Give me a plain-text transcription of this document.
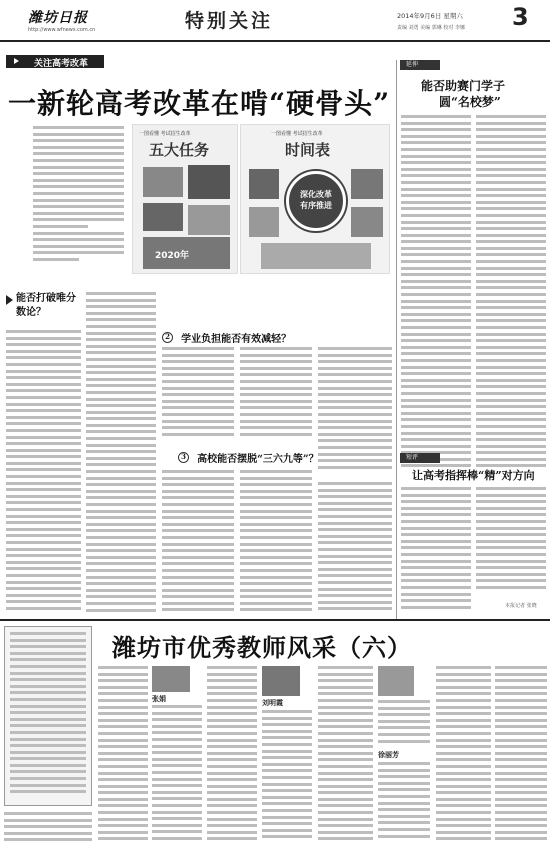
潍坊日报
http://www.wfnews.com.cn	特别关注	2014年9月6日 星期六
责编 刘勇 美编 郭琳 校对 李娜 3
关注高考改革
一新轮高考改革在啃“硬骨头”
一图看懂 考试招生改革
五大任务
2020年
一图看懂 考试招生改革
时间表
深化改革 有序推进
延伸
能否助赛门学子
圆“名校梦”
短评
让高考指挥棒“精”对方向
本报记者 张晓
能否打破唯分数论？
2 学业负担能否有效减轻？
3 高校能否摆脱“三六九等”？
潍坊市优秀教师风采（六）
张娟	刘明霞
徐丽芳
